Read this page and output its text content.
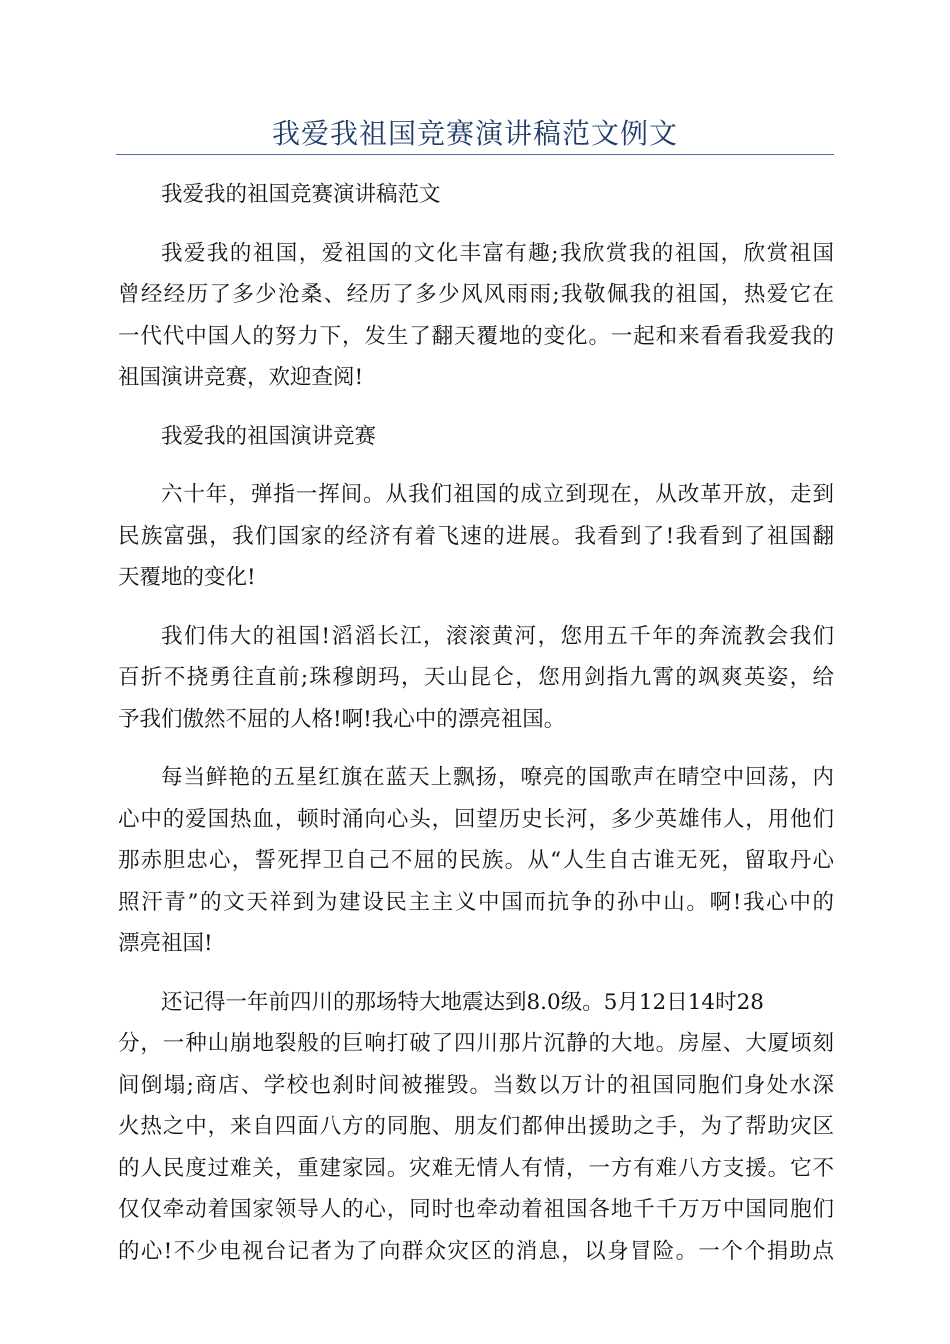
我爱我祖国竞赛演讲稿范文例文
我爱我的祖国竞赛演讲稿范文
我爱我的祖国，爱祖国的文化丰富有趣;我欣赏我的祖国，欣赏祖国
曾经经历了多少沧桑、经历了多少风风雨雨;我敬佩我的祖国，热爱它在
一代代中国人的努力下，发生了翻天覆地的变化。一起和来看看我爱我的
祖国演讲竞赛，欢迎查阅!
我爱我的祖国演讲竞赛
六十年，弹指一挥间。从我们祖国的成立到现在，从改革开放，走到
民族富强，我们国家的经济有着飞速的进展。我看到了!我看到了祖国翻
天覆地的变化!
我们伟大的祖国!滔滔长江，滚滚黄河，您用五千年的奔流教会我们
百折不挠勇往直前;珠穆朗玛，天山昆仑，您用剑指九霄的飒爽英姿，给
予我们傲然不屈的人格!啊!我心中的漂亮祖国。
每当鲜艳的五星红旗在蓝天上飘扬，嘹亮的国歌声在晴空中回荡，内
心中的爱国热血，顿时涌向心头，回望历史长河，多少英雄伟人，用他们
那赤胆忠心，誓死捍卫自己不屈的民族。从“人生自古谁无死，留取丹心
照汗青”的文天祥到为建设民主主义中国而抗争的孙中山。啊!我心中的
漂亮祖国!
还记得一年前四川的那场特大地震达到8.0级。5月12日14时28
分，一种山崩地裂般的巨响打破了四川那片沉静的大地。房屋、大厦顷刻
间倒塌;商店、学校也刹时间被摧毁。当数以万计的祖国同胞们身处水深
火热之中，来自四面八方的同胞、朋友们都伸出援助之手，为了帮助灾区
的人民度过难关，重建家园。灾难无情人有情，一方有难八方支援。它不
仅仅牵动着国家领导人的心，同时也牵动着祖国各地千千万万中国同胞们
的心!不少电视台记者为了向群众灾区的消息，以身冒险。一个个捐助点
